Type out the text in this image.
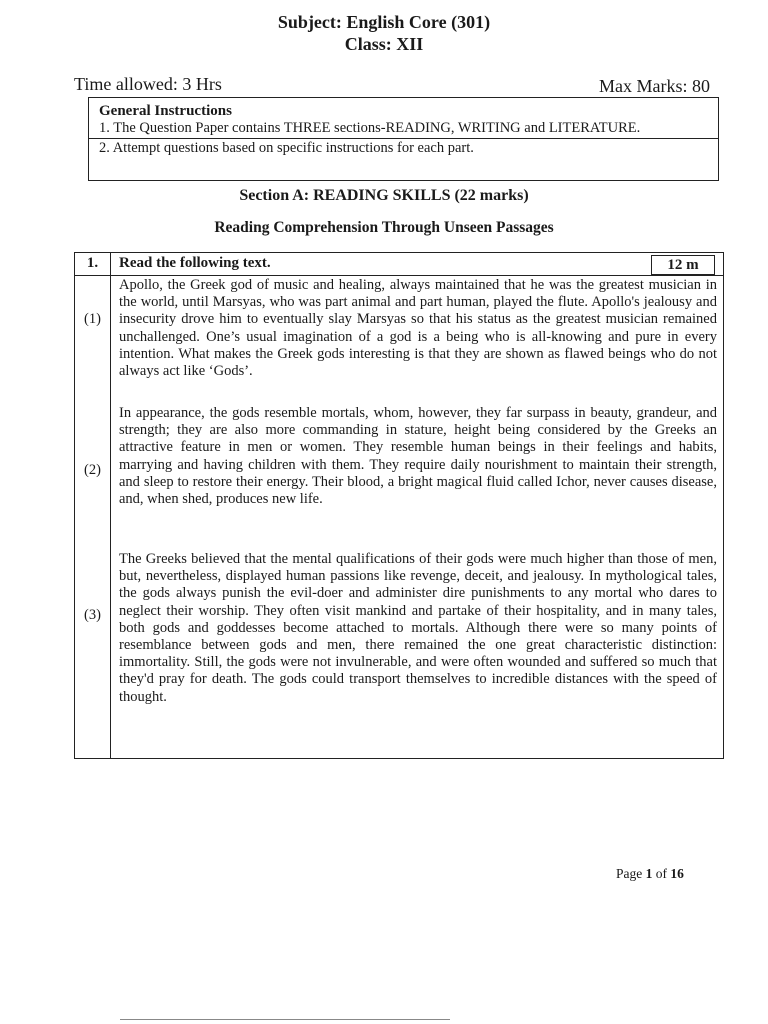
Subject: English Core (301)
Class: XII
Time allowed: 3 Hrs	Max Marks: 80
General Instructions
1. The Question Paper contains THREE sections-READING, WRITING and LITERATURE.
2. Attempt questions based on specific instructions for each part.
Section A: READING SKILLS (22 marks)
Reading Comprehension Through Unseen Passages
1.	Read the following text.	12 m
(1)
Apollo, the Greek god of music and healing, always maintained that he was the greatest musician in the world, until Marsyas, who was part animal and part human, played the flute. Apollo's jealousy and insecurity drove him to eventually slay Marsyas so that his status as the greatest musician remained unchallenged. One’s usual imagination of a god is a being who is all-knowing and pure in every intention. What makes the Greek gods interesting is that they are shown as flawed beings who do not always act like ‘Gods’.
(2)
In appearance, the gods resemble mortals, whom, however, they far surpass in beauty, grandeur, and strength; they are also more commanding in stature, height being considered by the Greeks an attractive feature in men or women. They resemble human beings in their feelings and habits, marrying and having children with them. They require daily nourishment to maintain their strength, and sleep to restore their energy. Their blood, a bright magical fluid called Ichor, never causes disease, and, when shed, produces new life.
(3)
The Greeks believed that the mental qualifications of their gods were much higher than those of men, but, nevertheless, displayed human passions like revenge, deceit, and jealousy. In mythological tales, the gods always punish the evil-doer and administer dire punishments to any mortal who dares to neglect their worship. They often visit mankind and partake of their hospitality, and in many tales, both gods and goddesses become attached to mortals. Although there were so many points of resemblance between gods and men, there remained the one great characteristic distinction: immortality. Still, the gods were not invulnerable, and were often wounded and suffered so much that they'd pray for death. The gods could transport themselves to incredible distances with the speed of thought.
Page 1 of 16
